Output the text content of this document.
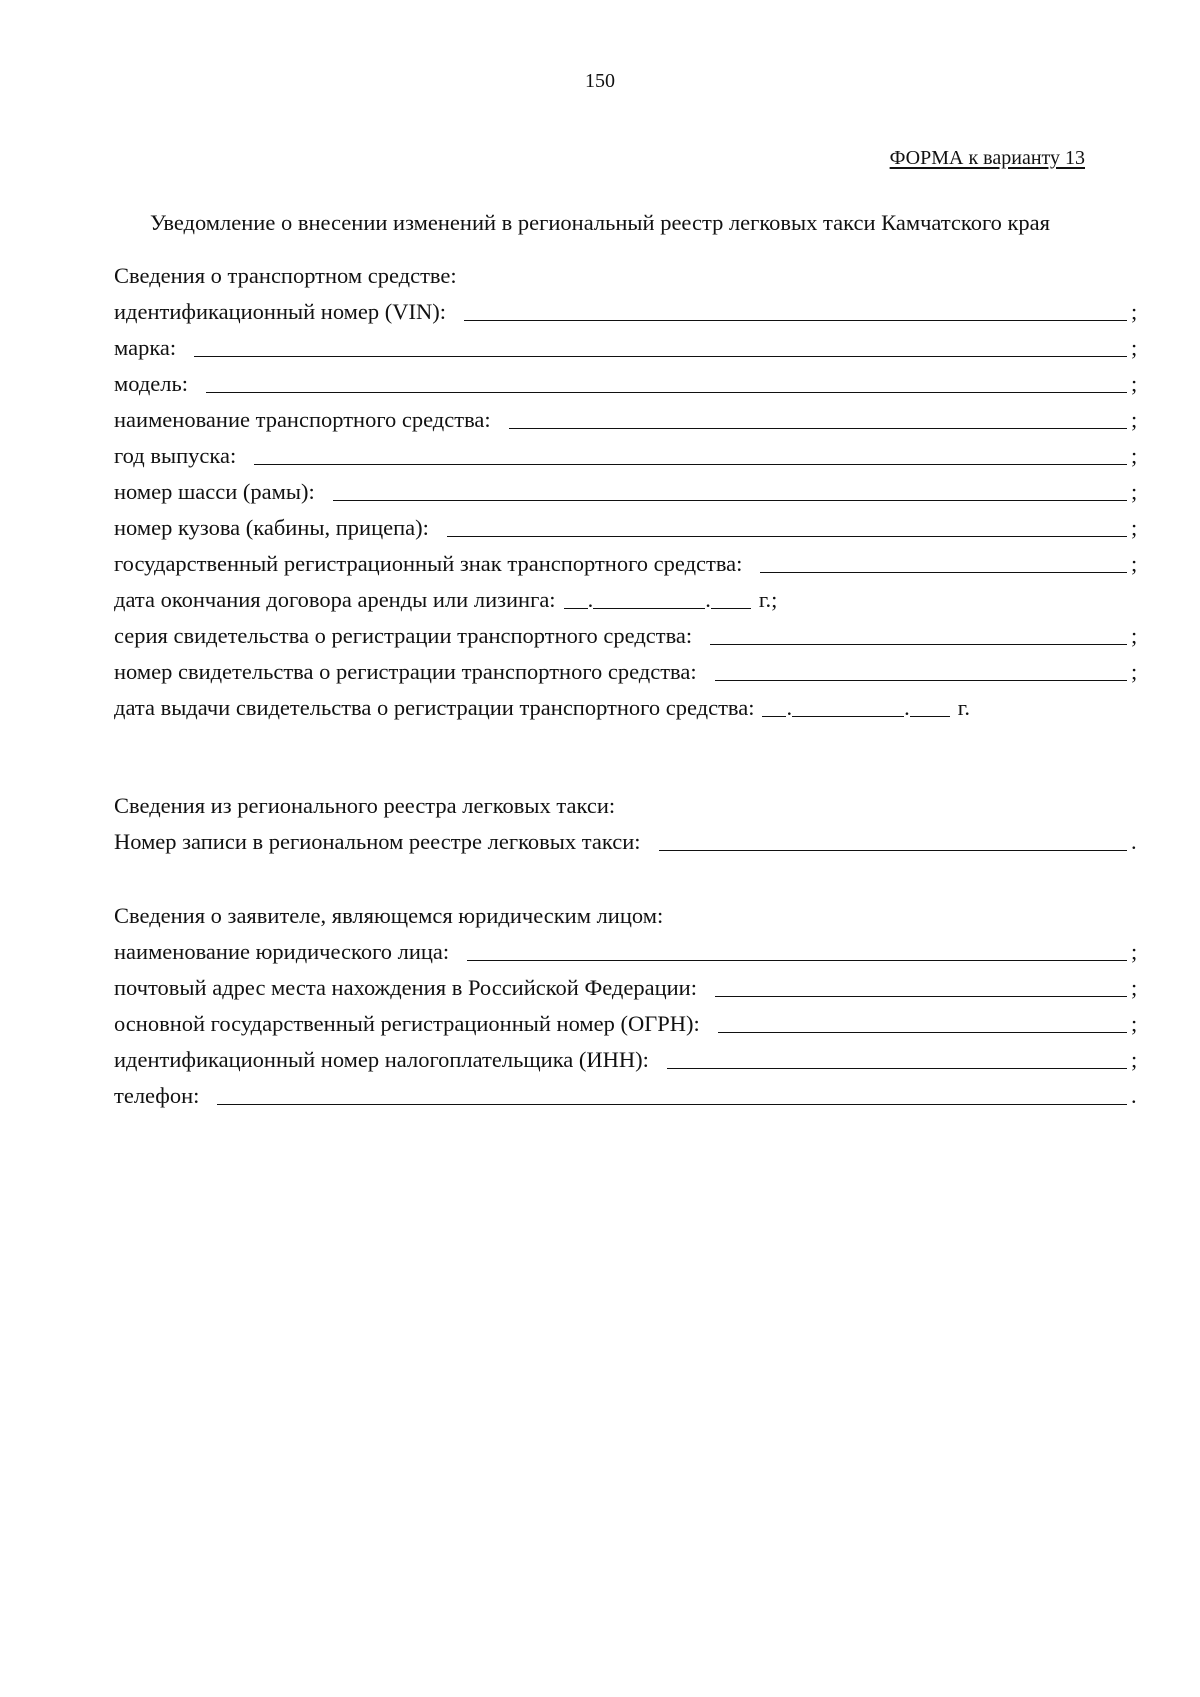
150
ФОРМА к варианту 13
Уведомление о внесении изменений в региональный реестр легковых такси Камчатского края
Сведения о транспортном средстве:
идентификационный номер (VIN):	;
марка:	;
модель:	;
наименование транспортного средства:	;
год выпуска:	;
номер шасси (рамы):	;
номер кузова (кабины, прицепа):	;
государственный регистрационный знак транспортного средства:	;
дата окончания договора аренды или лизинга: .	. г.;
серия свидетельства о регистрации транспортного средства:	;
номер свидетельства о регистрации транспортного средства:	;
дата выдачи свидетельства о регистрации транспортного средства: .	. г.
Сведения из регионального реестра легковых такси:
Номер записи в региональном реестре легковых такси:	.
Сведения о заявителе, являющемся юридическим лицом:
наименование юридического лица:	;
почтовый адрес места нахождения в Российской Федерации:	;
основной государственный регистрационный номер (ОГРН):	;
идентификационный номер налогоплательщика (ИНН):	;
телефон:	.
